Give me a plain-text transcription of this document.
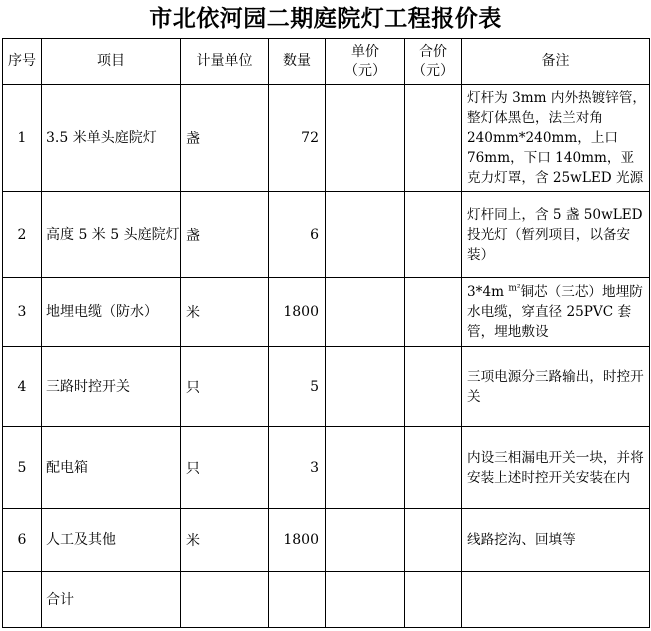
市北依河园二期庭院灯工程报价表
序号	项目	计量单位	数量	单价（元）	合价（元）	备注
1	3.5 米单头庭院灯	盏	72			灯杆为 3mm 内外热镀锌管，整灯体黑色，法兰对角 240mm*240mm，上口 76mm，下口 140mm，亚克力灯罩，含 25wLED 光源
2	高度 5 米 5 头庭院灯	盏	6			灯杆同上，含 5 盏 50wLED 投光灯（暂列项目，以备安装）
3	地埋电缆（防水）	米	1800			3*4m $^{m^2}$铜芯（三芯）地埋防水电缆，穿直径 25PVC 套管，埋地敷设
4	三路时控开关	只	5			三项电源分三路输出，时控开关
5	配电箱	只	3			内设三相漏电开关一块，并将安装上述时控开关安装在内
6	人工及其他	米	1800			线路挖沟、回填等
	合计					
